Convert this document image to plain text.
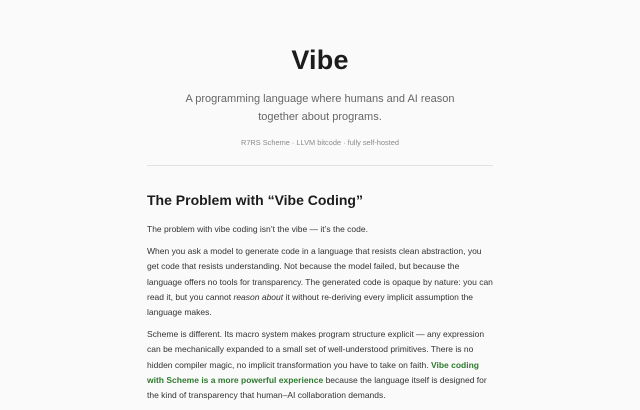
Vibe
A programming language where humans and AI reason together about programs.
R7RS Scheme · LLVM bitcode · fully self-hosted
The Problem with “Vibe Coding”

The problem with vibe coding isn’t the vibe — it’s the code.

When you ask a model to generate code in a language that resists clean abstraction, you get code that resists understanding. Not because the model failed, but because the language offers no tools for transparency. The generated code is opaque by nature: you can read it, but you cannot reason about it without re-deriving every implicit assumption the language makes.

Scheme is different. Its macro system makes program structure explicit — any expression can be mechanically expanded to a small set of well-understood primitives. There is no hidden compiler magic, no implicit transformation you have to take on faith. Vibe coding with Scheme is a more powerful experience because the language itself is designed for the kind of transparency that human–AI collaboration demands.
